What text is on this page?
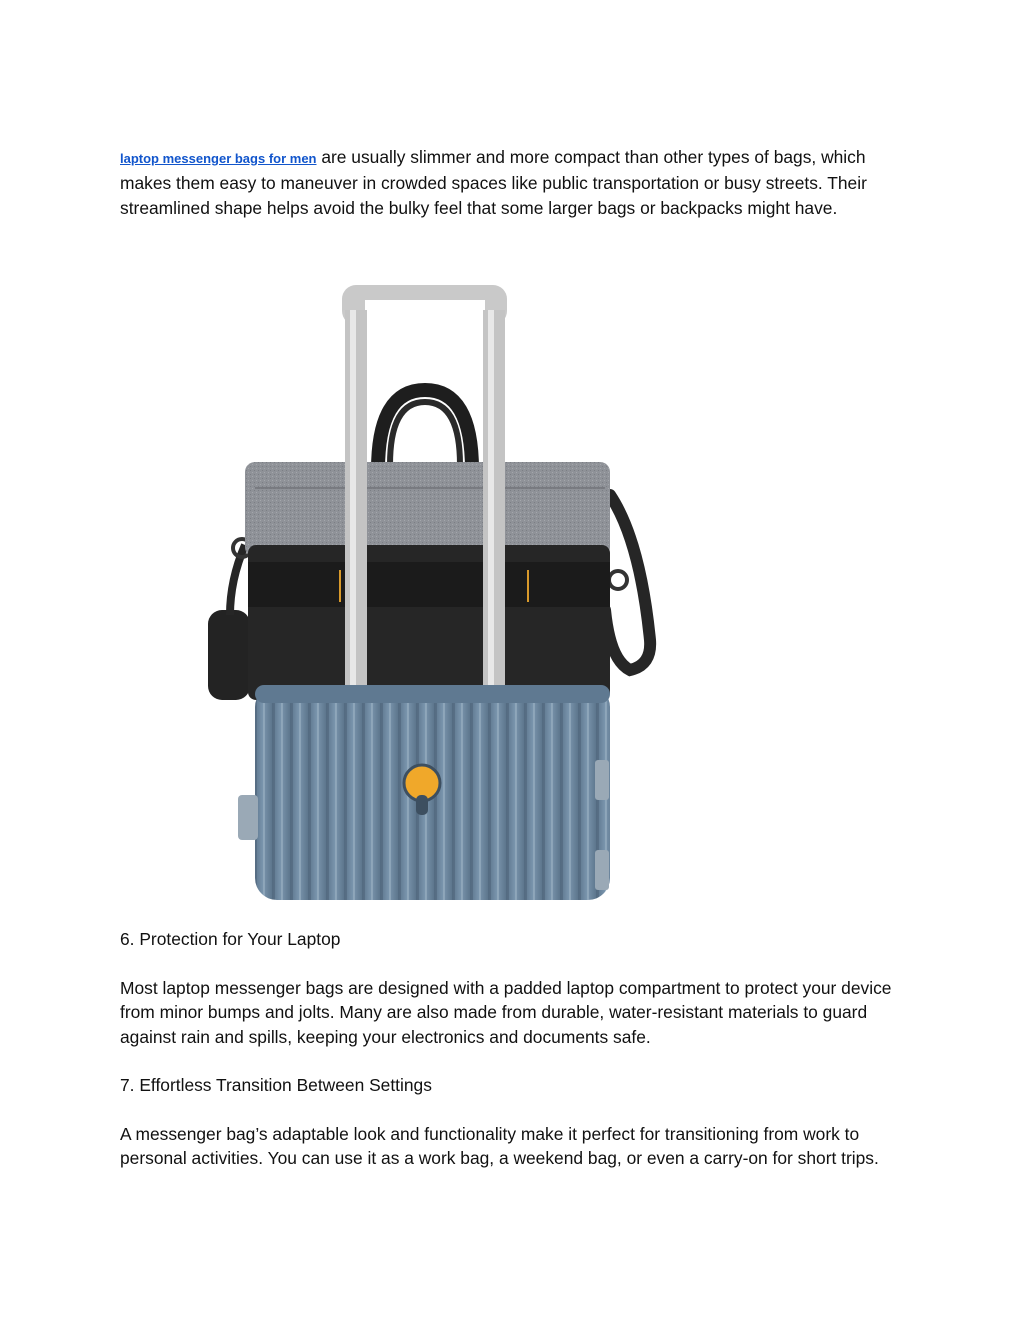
laptop messenger bags for men are usually slimmer and more compact than other types of bags, which makes them easy to maneuver in crowded spaces like public transportation or busy streets. Their streamlined shape helps avoid the bulky feel that some larger bags or backpacks might have.

6. Protection for Your Laptop

Most laptop messenger bags are designed with a padded laptop compartment to protect your device from minor bumps and jolts. Many are also made from durable, water-resistant materials to guard against rain and spills, keeping your electronics and documents safe.

7. Effortless Transition Between Settings

A messenger bag’s adaptable look and functionality make it perfect for transitioning from work to personal activities. You can use it as a work bag, a weekend bag, or even a carry-on for short trips.
